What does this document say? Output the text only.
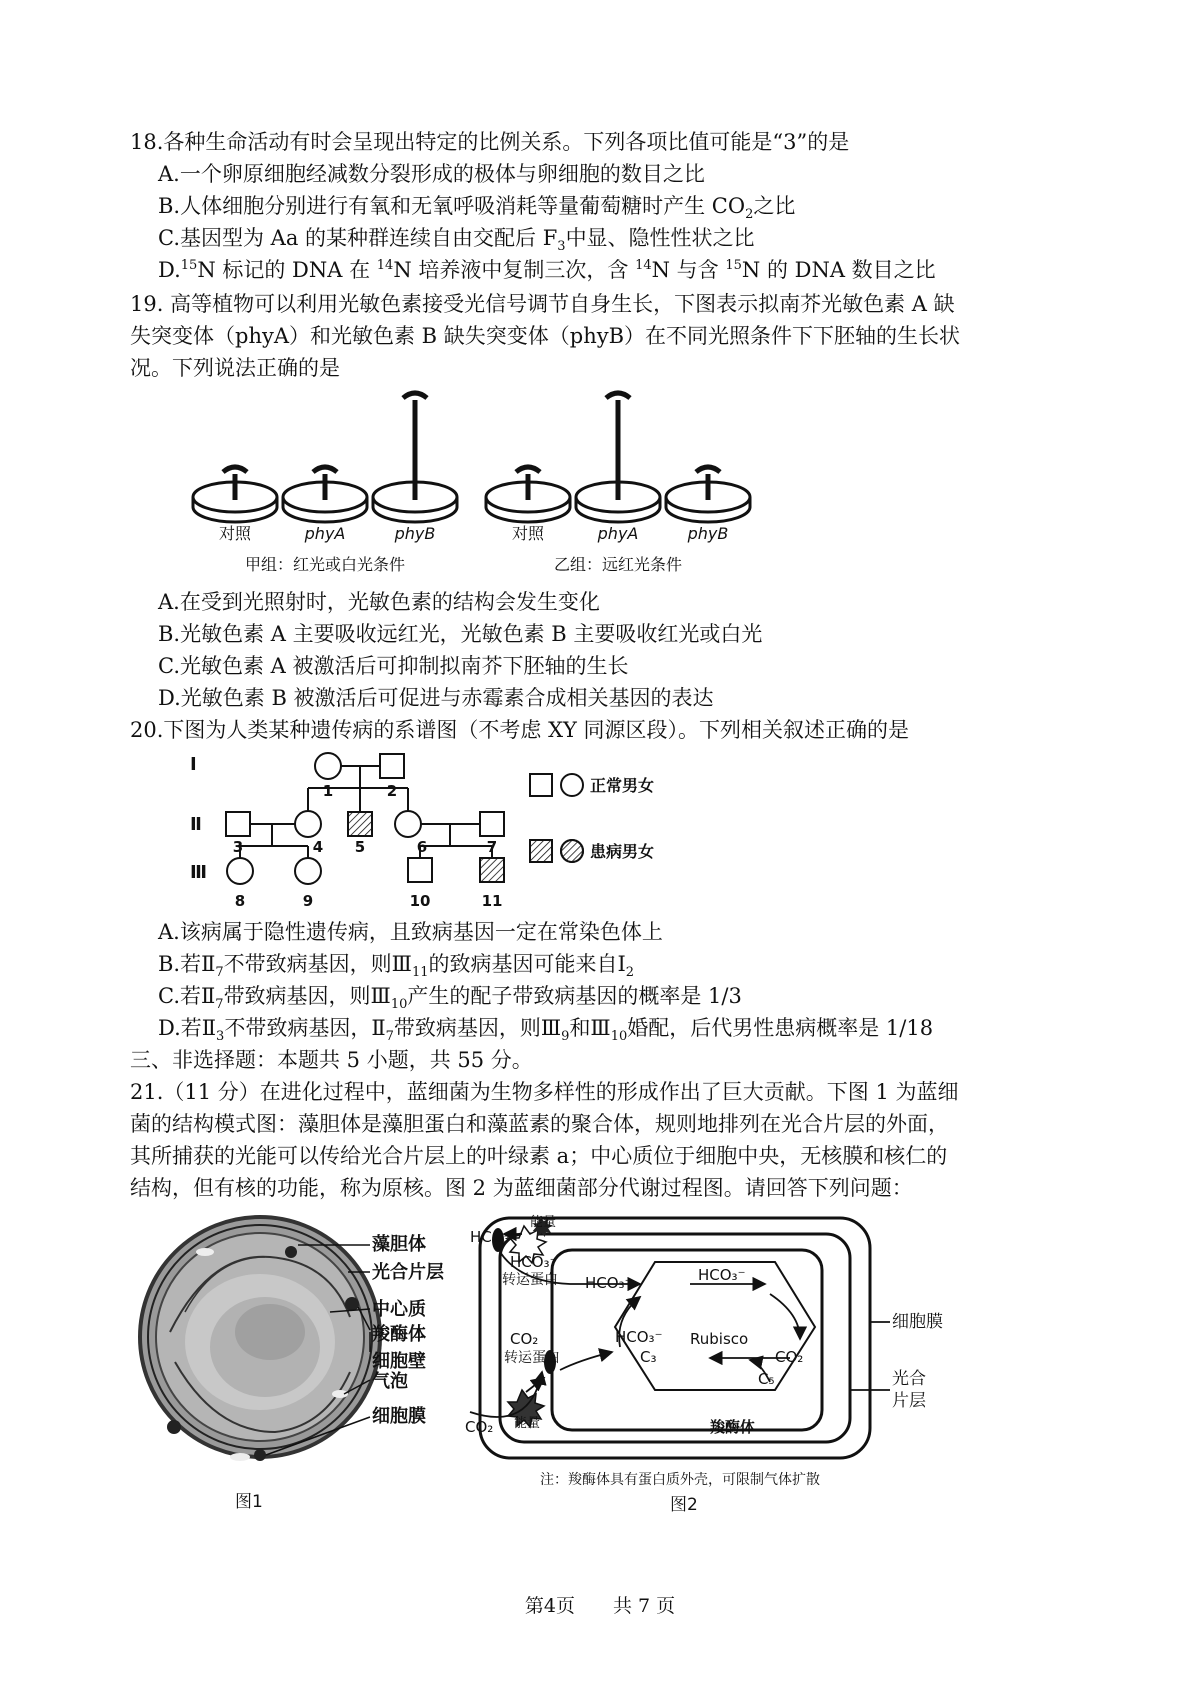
18.各种生命活动有时会呈现出特定的比例关系。下列各项比值可能是“3”的是
A.一个卵原细胞经减数分裂形成的极体与卵细胞的数目之比
B.人体细胞分别进行有氧和无氧呼吸消耗等量葡萄糖时产生 $CO_2$之比
C.基因型为 Aa 的某种群连续自由交配后 $F_3$中显、隐性性状之比
D.$^{15}$N 标记的 DNA 在 $^{14}$N 培养液中复制三次，含 $^{14}$N 与含 $^{15}$N 的 DNA 数目之比
19. 高等植物可以利用光敏色素接受光信号调节自身生长，下图表示拟南芥光敏色素 A 缺
失突变体（phyA）和光敏色素 B 缺失突变体（phyB）在不同光照条件下下胚轴的生长状
况。下列说法正确的是
对照	phyA	phyB	对照	phyA	phyB
甲组：红光或白光条件	乙组：远红光条件
A.在受到光照射时，光敏色素的结构会发生变化
B.光敏色素 A 主要吸收远红光，光敏色素 B 主要吸收红光或白光
C.光敏色素 A 被激活后可抑制拟南芥下胚轴的生长
D.光敏色素 B 被激活后可促进与赤霉素合成相关基因的表达
20.下图为人类某种遗传病的系谱图（不考虑 XY 同源区段）。下列相关叙述正确的是
Ⅰ
Ⅱ
Ⅲ
1	2
3	4 5	6	7
8	9	10	11
正常男女
患病男女
A.该病属于隐性遗传病，且致病基因一定在常染色体上
B.若$Ⅱ_7$不带致病基因，则$Ⅲ_{11}$的致病基因可能来自$Ⅰ_2$
C.若$Ⅱ_7$带致病基因，则$Ⅲ_{10}$产生的配子带致病基因的概率是 1/3
D.若$Ⅱ_3$不带致病基因，$Ⅱ_7$带致病基因，则$Ⅲ_9$和$Ⅲ_{10}$婚配，后代男性患病概率是 1/18
三、非选择题：本题共 5 小题，共 55 分。
21.（11 分）在进化过程中，蓝细菌为生物多样性的形成作出了巨大贡献。下图 1 为蓝细
菌的结构模式图：藻胆体是藻胆蛋白和藻蓝素的聚合体，规则地排列在光合片层的外面，
其所捕获的光能可以传给光合片层上的叶绿素 a；中心质位于细胞中央，无核膜和核仁的
结构，但有核的功能，称为原核。图 2 为蓝细菌部分代谢过程图。请回答下列问题：
藻胆体
光合片层
中心质
羧酶体
细胞壁
气泡
细胞膜
图1
HCO₃⁻
能量
HCO₃⁻
转运蛋白 HCO₃⁻	HCO₃⁻
HCO₃⁻ Rubisco
C₃	CO₂
C₅
CO₂
转运蛋白
CO₂ 能量	羧酶体
细胞膜
光合
片层
注：羧酶体具有蛋白质外壳，可限制气体扩散
图2
第4页　　共 7 页
